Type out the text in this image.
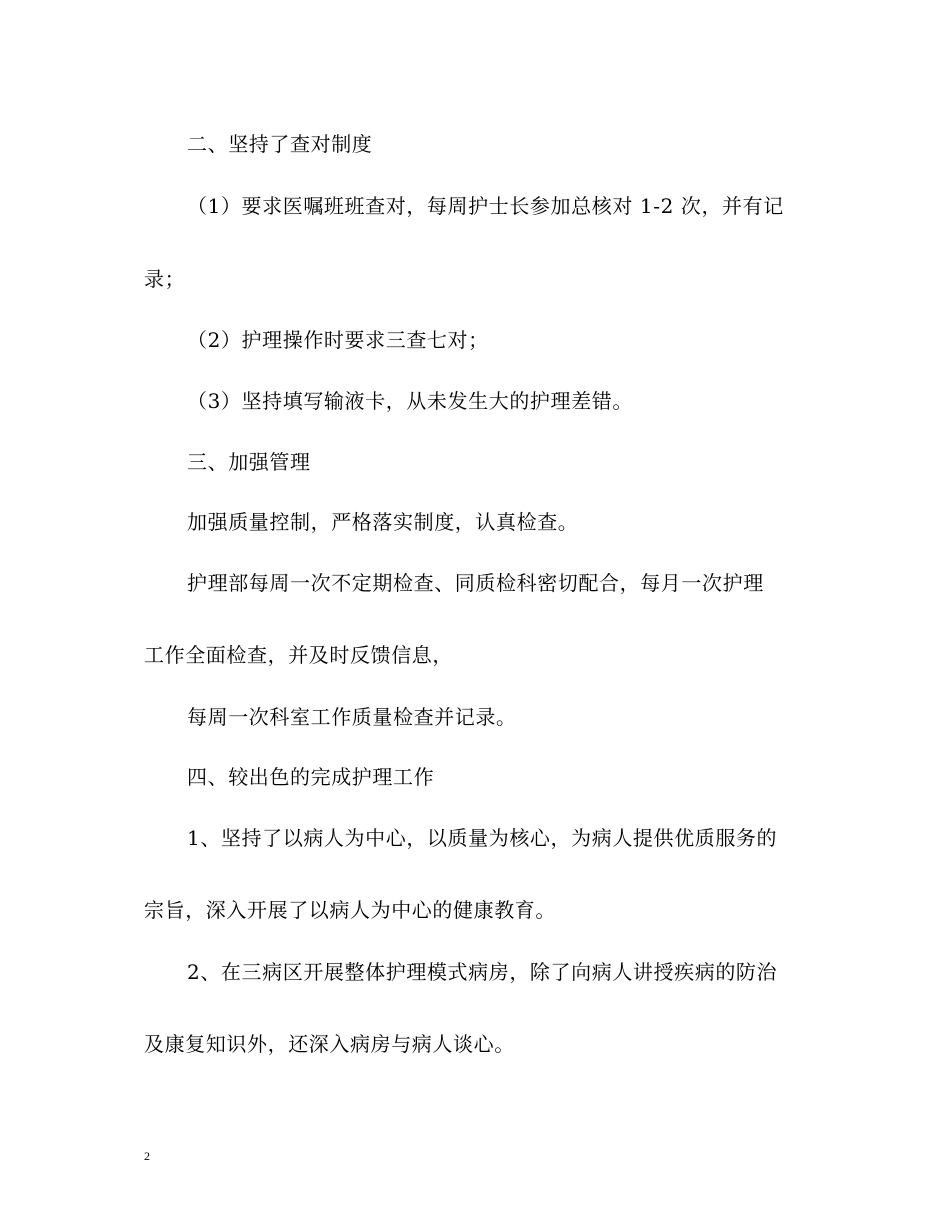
二、坚持了查对制度
（1）要求医嘱班班查对，每周护士长参加总核对 1-2 次，并有记
录；
（2）护理操作时要求三查七对；
（3）坚持填写输液卡，从未发生大的护理差错。
三、加强管理
加强质量控制，严格落实制度，认真检查。
护理部每周一次不定期检查、同质检科密切配合，每月一次护理
工作全面检查，并及时反馈信息，
每周一次科室工作质量检查并记录。
四、较出色的完成护理工作
1、坚持了以病人为中心，以质量为核心，为病人提供优质服务的
宗旨，深入开展了以病人为中心的健康教育。
2、在三病区开展整体护理模式病房，除了向病人讲授疾病的防治
及康复知识外，还深入病房与病人谈心。
2
